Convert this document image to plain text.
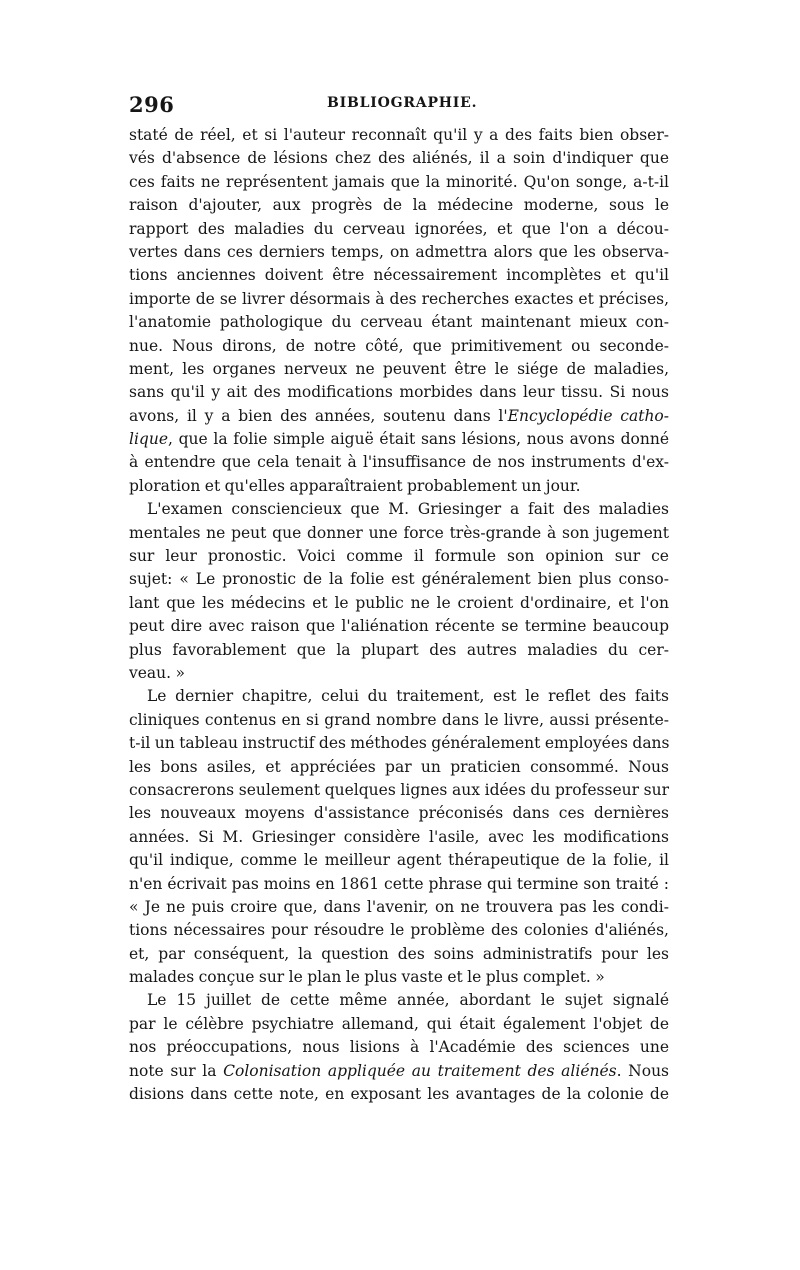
296	BIBLIOGRAPHIE.
staté de réel, et si l'auteur reconnaît qu'il y a des faits bien obser-
vés d'absence de lésions chez des aliénés, il a soin d'indiquer que
ces faits ne représentent jamais que la minorité. Qu'on songe, a-t-il
raison d'ajouter, aux progrès de la médecine moderne, sous le
rapport des maladies du cerveau ignorées, et que l'on a décou-
vertes dans ces derniers temps, on admettra alors que les observa-
tions anciennes doivent être nécessairement incomplètes et qu'il
importe de se livrer désormais à des recherches exactes et précises,
l'anatomie pathologique du cerveau étant maintenant mieux con-
nue. Nous dirons, de notre côté, que primitivement ou seconde-
ment, les organes nerveux ne peuvent être le siége de maladies,
sans qu'il y ait des modifications morbides dans leur tissu. Si nous
avons, il y a bien des années, soutenu dans l'Encyclopédie catho-
lique, que la folie simple aiguë était sans lésions, nous avons donné
à entendre que cela tenait à l'insuffisance de nos instruments d'ex-
ploration et qu'elles apparaîtraient probablement un jour.
L'examen consciencieux que M. Griesinger a fait des maladies
mentales ne peut que donner une force très-grande à son jugement
sur leur pronostic. Voici comme il formule son opinion sur ce
sujet: « Le pronostic de la folie est généralement bien plus conso-
lant que les médecins et le public ne le croient d'ordinaire, et l'on
peut dire avec raison que l'aliénation récente se termine beaucoup
plus favorablement que la plupart des autres maladies du cer-
veau. »
Le dernier chapitre, celui du traitement, est le reflet des faits
cliniques contenus en si grand nombre dans le livre, aussi présente-
t-il un tableau instructif des méthodes généralement employées dans
les bons asiles, et appréciées par un praticien consommé. Nous
consacrerons seulement quelques lignes aux idées du professeur sur
les nouveaux moyens d'assistance préconisés dans ces dernières
années. Si M. Griesinger considère l'asile, avec les modifications
qu'il indique, comme le meilleur agent thérapeutique de la folie, il
n'en écrivait pas moins en 1861 cette phrase qui termine son traité :
« Je ne puis croire que, dans l'avenir, on ne trouvera pas les condi-
tions nécessaires pour résoudre le problème des colonies d'aliénés,
et, par conséquent, la question des soins administratifs pour les
malades conçue sur le plan le plus vaste et le plus complet. »
Le 15 juillet de cette même année, abordant le sujet signalé
par le célèbre psychiatre allemand, qui était également l'objet de
nos préoccupations, nous lisions à l'Académie des sciences une
note sur la Colonisation appliquée au traitement des aliénés. Nous
disions dans cette note, en exposant les avantages de la colonie de
